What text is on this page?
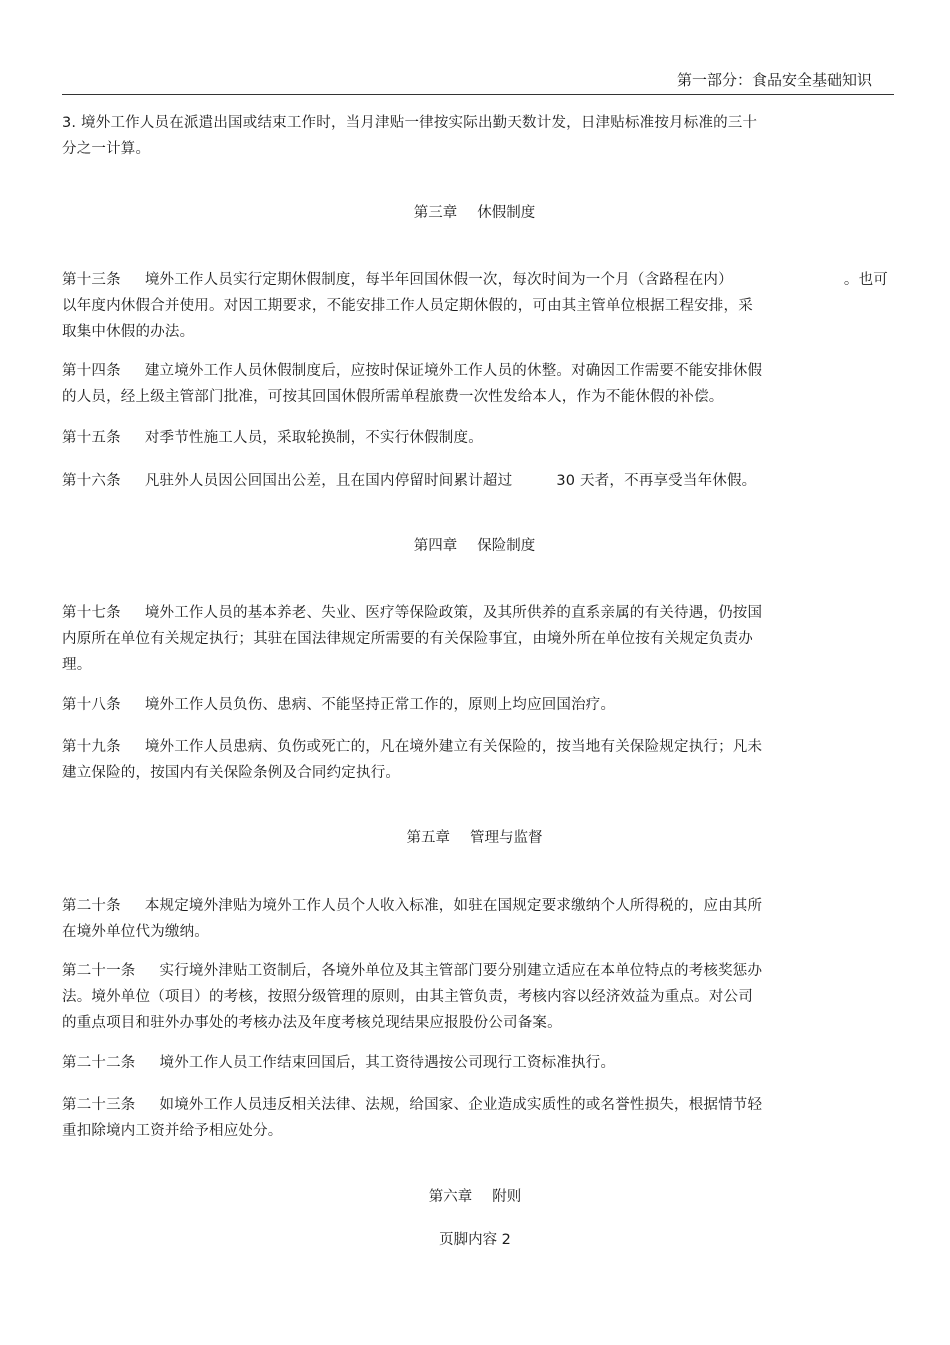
第一部分：食品安全基础知识
3. 境外工作人员在派遣出国或结束工作时，当月津贴一律按实际出勤天数计发，日津贴标准按月标准的三十
分之一计算。
第三章 休假制度
第十三条 境外工作人员实行定期休假制度，每半年回国休假一次，每次时间为一个月（含路程在内）	。也可
以年度内休假合并使用。对因工期要求，不能安排工作人员定期休假的，可由其主管单位根据工程安排，采
取集中休假的办法。
第十四条 建立境外工作人员休假制度后，应按时保证境外工作人员的休整。对确因工作需要不能安排休假
的人员，经上级主管部门批准，可按其回国休假所需单程旅费一次性发给本人，作为不能休假的补偿。
第十五条 对季节性施工人员，采取轮换制，不实行休假制度。
第十六条 凡驻外人员因公回国出公差，且在国内停留时间累计超过	30 天者，不再享受当年休假。
第四章 保险制度
第十七条 境外工作人员的基本养老、失业、医疗等保险政策，及其所供养的直系亲属的有关待遇，仍按国
内原所在单位有关规定执行；其驻在国法律规定所需要的有关保险事宜，由境外所在单位按有关规定负责办
理。
第十八条 境外工作人员负伤、患病、不能坚持正常工作的，原则上均应回国治疗。
第十九条 境外工作人员患病、负伤或死亡的，凡在境外建立有关保险的，按当地有关保险规定执行；凡未
建立保险的，按国内有关保险条例及合同约定执行。
第五章 管理与监督
第二十条 本规定境外津贴为境外工作人员个人收入标准，如驻在国规定要求缴纳个人所得税的，应由其所
在境外单位代为缴纳。
第二十一条 实行境外津贴工资制后，各境外单位及其主管部门要分别建立适应在本单位特点的考核奖惩办
法。境外单位（项目）的考核，按照分级管理的原则，由其主管负责，考核内容以经济效益为重点。对公司
的重点项目和驻外办事处的考核办法及年度考核兑现结果应报股份公司备案。
第二十二条 境外工作人员工作结束回国后，其工资待遇按公司现行工资标准执行。
第二十三条 如境外工作人员违反相关法律、法规，给国家、企业造成实质性的或名誉性损失，根据情节轻
重扣除境内工资并给予相应处分。
第六章 附则
页脚内容 2
